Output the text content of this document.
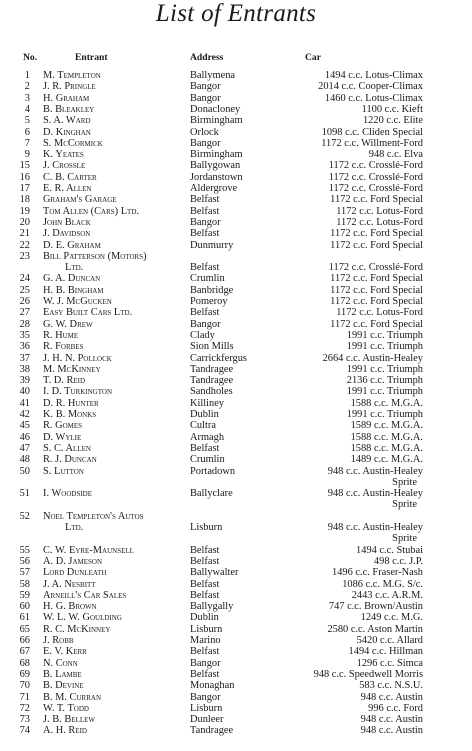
List of Entrants
No.	Entrant	Address	Car
1 M. Templeton	Ballymena	1494 c.c. Lotus-Climax
2 J. R. Pringle	Bangor	2014 c.c. Cooper-Climax
3 H. Graham	Bangor	1460 c.c. Lotus-Climax
4 B. Bleakley	Donacloney	1100 c.c. Kieft
5 S. A. Ward	Birmingham	1220 c.c. Elite
6 D. Kinghan	Orlock	1098 c.c. Cliden Special
7 S. McCormick	Bangor	1172 c.c. Willment-Ford
9 K. Yeates	Birmingham	948 c.c. Elva
15 J. Crossle	Ballygowan	1172 c.c. Crosslé-Ford
16 C. B. Carter	Jordanstown	1172 c.c. Crosslé-Ford
17 E. R. Allen	Aldergrove	1172 c.c. Crosslé-Ford
18 Graham's Garage	Belfast	1172 c.c. Ford Special
19 Tom Allen (Cars) Ltd.	Belfast	1172 c.c. Lotus-Ford
20 John Black	Bangor	1172 c.c. Lotus-Ford
21 J. Davidson	Belfast	1172 c.c. Ford Special
22 D. E. Graham	Dunmurry	1172 c.c. Ford Special
23 Bill Patterson (Motors)
Ltd.	Belfast	1172 c.c. Crosslé-Ford
24 G. A. Duncan	Crumlin	1172 c.c. Ford Special
25 H. B. Bingham	Banbridge	1172 c.c. Ford Special
26 W. J. McGucken	Pomeroy	1172 c.c. Ford Special
27 Easy Built Cars Ltd.	Belfast	1172 c.c. Lotus-Ford
28 G. W. Drew	Bangor	1172 c.c. Ford Special
35 R. Hume	Clady	1991 c.c. Triumph
36 R. Forbes	Sion Mills	1991 c.c. Triumph
37 J. H. N. Pollock	Carrickfergus	2664 c.c. Austin-Healey
38 M. McKinney	Tandragee	1991 c.c. Triumph
39 T. D. Reid	Tandragee	2136 c.c. Triumph
40 I. D. Turkington	Sandholes	1991 c.c. Triumph
41 D. R. Hunter	Killiney	1588 c.c. M.G.A.
42 K. B. Monks	Dublin	1991 c.c. Triumph
45 R. Gomes	Cultra	1589 c.c. M.G.A.
46 D. Wylie	Armagh	1588 c.c. M.G.A.
47 S. C. Allen	Belfast	1588 c.c. M.G.A.
48 R. J. Duncan	Crumlin	1489 c.c. M.G.A.
50 S. Lutton	Portadown	948 c.c. Austin-Healey
Sprite
51 I. Woodside	Ballyclare	948 c.c. Austin-Healey
Sprite
52 Noel Templeton's Autos
Ltd.	Lisburn	948 c.c. Austin-Healey
Sprite
55 C. W. Eyre-Maunsell	Belfast	1494 c.c. Stubai
56 A. D. Jameson	Belfast	498 c.c. J.P.
57 Lord Dunleath	Ballywalter	1496 c.c. Fraser-Nash
58 J. A. Nesbitt	Belfast	1086 c.c. M.G. S/c.
59 Arneill's Car Sales	Belfast	2443 c.c. A.R.M.
60 H. G. Brown	Ballygally	747 c.c. Brown/Austin
61 W. L. W. Goulding	Dublin	1249 c.c. M.G.
65 R. C. McKinney	Lisburn	2580 c.c. Aston Martin
66 J. Robb	Marino	5420 c.c. Allard
67 E. V. Kerr	Belfast	1494 c.c. Hillman
68 N. Conn	Bangor	1296 c.c. Simca
69 B. Lambe	Belfast	948 c.c. Speedwell Morris
70 B. Devine	Monaghan	583 c.c. N.S.U.
71 B. M. Curran	Bangor	948 c.c. Austin
72 W. T. Todd	Lisburn	996 c.c. Ford
73 J. B. Bellew	Dunleer	948 c.c. Austin
74 A. H. Reid	Tandragee	948 c.c. Austin
